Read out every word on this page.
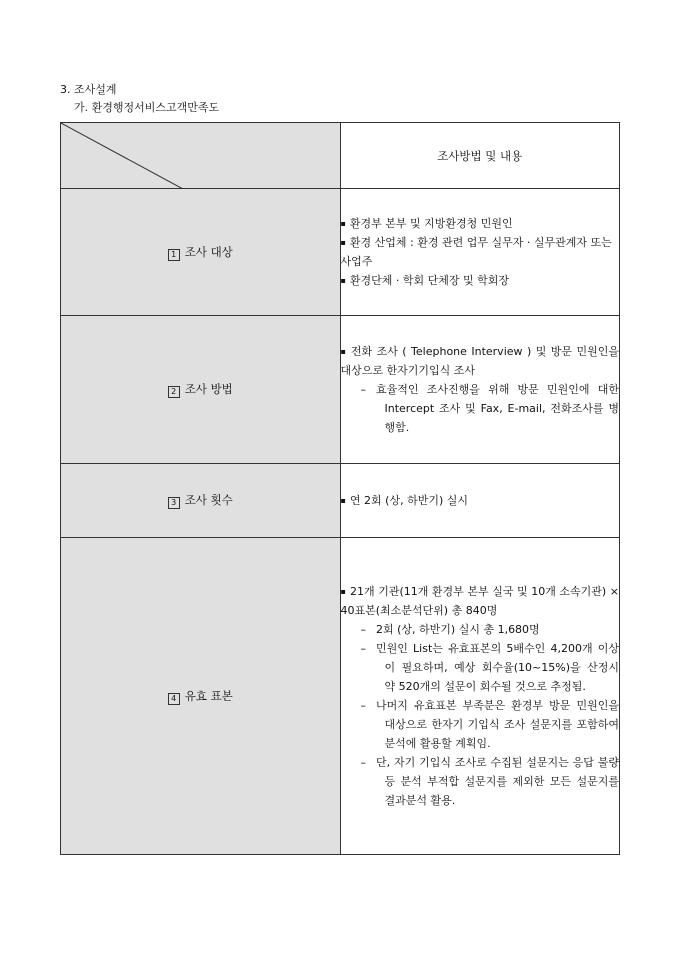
3. 조사설계
가. 환경행정서비스고객만족도
	조사방법 및 내용
1 조사 대상	▪ 환경부 본부 및 지방환경청 민원인
▪ 환경 산업체 : 환경 관련 업무 실무자 · 실무관계자 또는 사업주
▪ 환경단체 · 학회 단체장 및 학회장

2 조사 방법	▪ 전화 조사 ( Telephone Interview ) 및 방문 민원인을 대상으로 한자기기입식 조사
– 효율적인 조사진행을 위해 방문 민원인에 대한 Intercept 조사 및 Fax, E-mail, 전화조사를 병행함.

3 조사 횟수	▪ 연 2회 (상, 하반기) 실시

4 유효 표본	▪ 21개 기관(11개 환경부 본부 실국 및 10개 소속기관) × 40표본(최소분석단위) 총 840명
– 2회 (상, 하반기) 실시 총 1,680명
– 민원인 List는 유효표본의 5배수인 4,200개 이상이 필요하며, 예상 회수율(10~15%)을 산정시 약 520개의 설문이 회수될 것으로 추정됨.
– 나머지 유효표본 부족분은 환경부 방문 민원인을 대상으로 한자기 기입식 조사 설문지를 포함하여 분석에 활용할 계획임.
– 단, 자기 기입식 조사로 수집된 설문지는 응답 불량 등 분석 부적합 설문지를 제외한 모든 설문지를 결과분석 활용.
